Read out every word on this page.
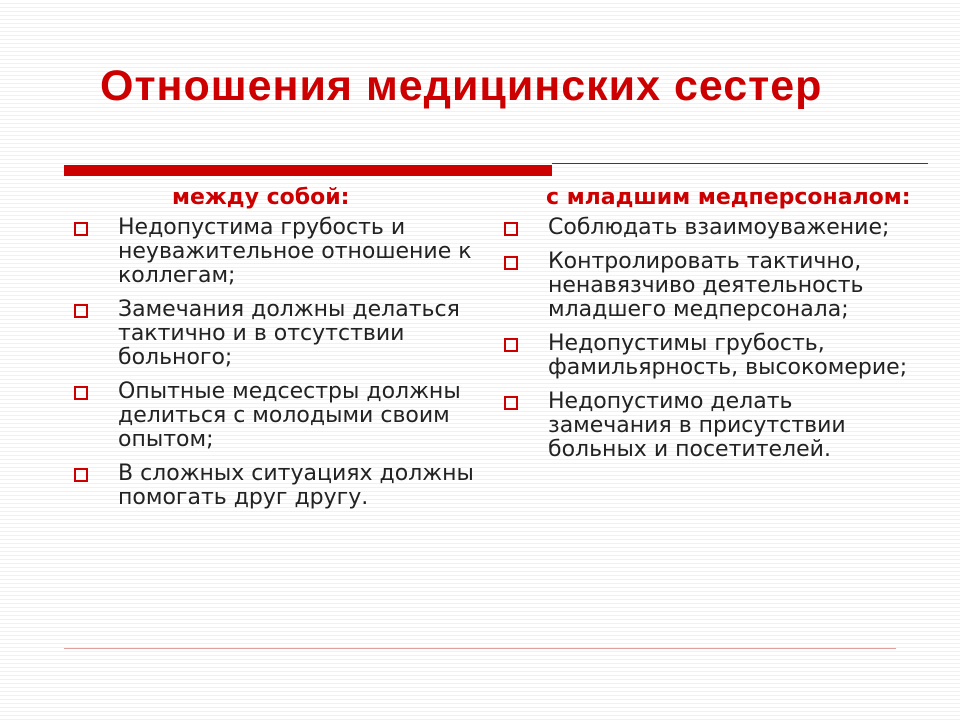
Отношения медицинских сестер
между собой:
Недопустима грубость и неуважительное отношение к коллегам;
Замечания должны делаться тактично и в отсутствии больного;
Опытные медсестры должны делиться с молодыми своим опытом;
В сложных ситуациях должны помогать друг другу.
с младшим медперсоналом:
Соблюдать взаимоуважение;
Контролировать тактично, ненавязчиво деятельность младшего медперсонала;
Недопустимы грубость, фамильярность, высокомерие;
Недопустимо делать замечания в присутствии больных и посетителей.
